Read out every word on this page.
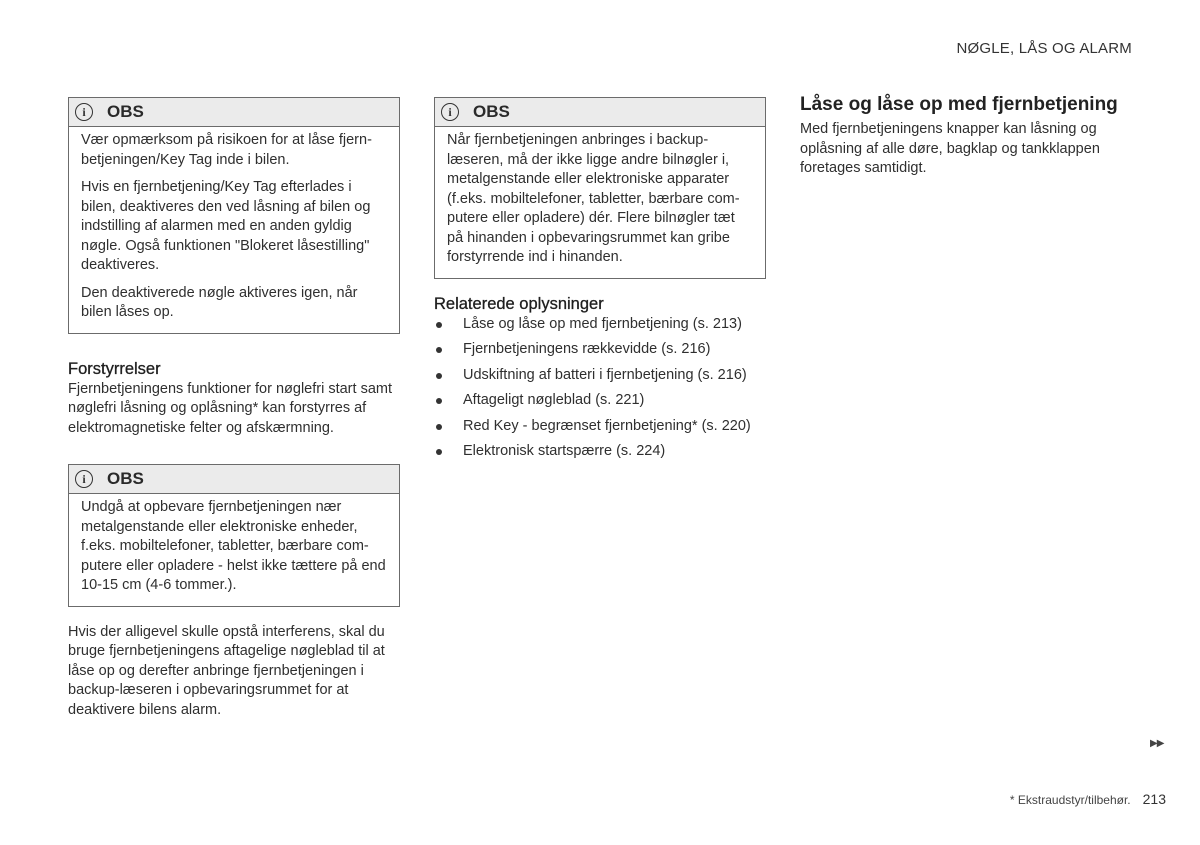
NØGLE, LÅS OG ALARM
i	OBS

Vær opmærksom på risikoen for at låse fjern-betjeningen/Key Tag inde i bilen.

Hvis en fjernbetjening/Key Tag efterlades i bilen, deaktiveres den ved låsning af bilen og indstilling af alarmen med en anden gyldig nøgle. Også funktionen "Blokeret låsestilling" deaktiveres.

Den deaktiverede nøgle aktiveres igen, når bilen låses op.

Forstyrrelser

Fjernbetjeningens funktioner for nøglefri start samt nøglefri låsning og oplåsning* kan forstyrres af elektromagnetiske felter og afskærmning.

i	OBS

Undgå at opbevare fjernbetjeningen nær metalgenstande eller elektroniske enheder, f.eks. mobiltelefoner, tabletter, bærbare com-putere eller opladere - helst ikke tættere på end 10-15 cm (4-6 tommer.).

Hvis der alligevel skulle opstå interferens, skal du bruge fjernbetjeningens aftagelige nøgleblad til at låse op og derefter anbringe fjernbetjeningen i backup-læseren i opbevaringsrummet for at deaktivere bilens alarm.

i	OBS

Når fjernbetjeningen anbringes i backup-læseren, må der ikke ligge andre bilnøgler i, metalgenstande eller elektroniske apparater (f.eks. mobiltelefoner, tabletter, bærbare com-putere eller opladere) dér. Flere bilnøgler tæt på hinanden i opbevaringsrummet kan gribe forstyrrende ind i hinanden.

Relaterede oplysninger
Låse og låse op med fjernbetjening (s. 213)
Fjernbetjeningens rækkevidde (s. 216)
Udskiftning af batteri i fjernbetjening (s. 216)
Aftageligt nøgleblad (s. 221)
Red Key - begrænset fjernbetjening* (s. 220)
Elektronisk startspærre (s. 224)
Låse og låse op med fjernbetjening

Med fjernbetjeningens knapper kan låsning og oplåsning af alle døre, bagklap og tankklappen foretages samtidigt.

▶▶
* Ekstraudstyr/tilbehør. 213
